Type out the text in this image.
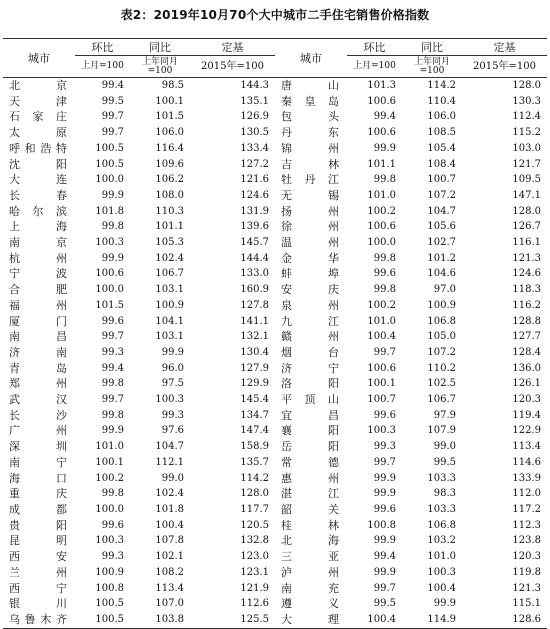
表2：2019年10月70个大中城市二手住宅销售价格指数
城市	环比	同比	定基	城市	环比	同比	定基
	上月=100	上年同月=100	2015年=100		上月=100	上年同月=100	2015年=100
北京	99.4	98.5	144.3	唐山	101.3	114.2	128.0
天津	99.5	100.1	135.1	秦皇岛	100.6	110.4	130.3
石家庄	99.7	101.5	126.9	包头	99.4	106.0	112.4
太原	99.7	106.0	130.5	丹东	100.6	108.5	115.2
呼和浩特	100.5	116.4	133.4	锦州	99.9	105.4	103.0
沈阳	100.5	109.6	127.2	吉林	101.1	108.4	121.7
大连	100.0	106.2	121.6	牡丹江	99.8	100.7	109.5
长春	99.9	108.0	124.6	无锡	101.0	107.2	147.1
哈尔滨	101.8	110.3	131.9	扬州	100.2	104.7	128.0
上海	99.8	101.1	139.6	徐州	100.6	105.6	126.7
南京	100.3	105.3	145.7	温州	100.0	102.7	116.1
杭州	99.9	102.4	144.4	金华	99.8	101.2	121.3
宁波	100.6	106.7	133.0	蚌埠	99.6	104.6	124.6
合肥	100.0	103.1	160.9	安庆	99.8	97.0	118.3
福州	101.5	100.9	127.8	泉州	100.2	100.9	116.2
厦门	99.6	104.1	141.1	九江	101.0	106.8	128.8
南昌	99.7	103.1	132.1	赣州	100.4	105.0	127.7
济南	99.3	99.9	130.4	烟台	99.7	107.2	128.4
青岛	99.4	96.0	127.9	济宁	100.6	110.2	136.0
郑州	99.8	97.5	129.9	洛阳	100.1	102.5	126.1
武汉	99.7	100.3	145.4	平顶山	100.7	106.7	120.3
长沙	99.8	99.3	134.7	宜昌	99.6	97.9	119.4
广州	99.9	97.6	147.4	襄阳	100.3	107.9	122.9
深圳	101.0	104.7	158.9	岳阳	99.3	99.0	113.4
南宁	100.1	112.1	135.7	常德	99.7	99.5	114.6
海口	100.2	99.0	114.2	惠州	99.9	103.3	133.9
重庆	99.8	102.4	128.0	湛江	99.9	98.3	112.0
成都	100.0	101.8	117.7	韶关	99.6	103.3	117.2
贵阳	99.6	100.4	120.5	桂林	100.8	106.8	112.3
昆明	100.3	107.8	132.8	北海	99.9	103.2	123.8
西安	99.3	102.1	123.0	三亚	99.4	101.0	120.3
兰州	100.9	108.2	123.1	泸州	99.9	100.3	119.8
西宁	100.8	113.4	121.9	南充	99.7	100.4	121.3
银川	100.5	107.0	112.6	遵义	99.5	99.9	115.1
乌鲁木齐	100.5	103.8	125.5	大理	100.4	114.9	128.6
